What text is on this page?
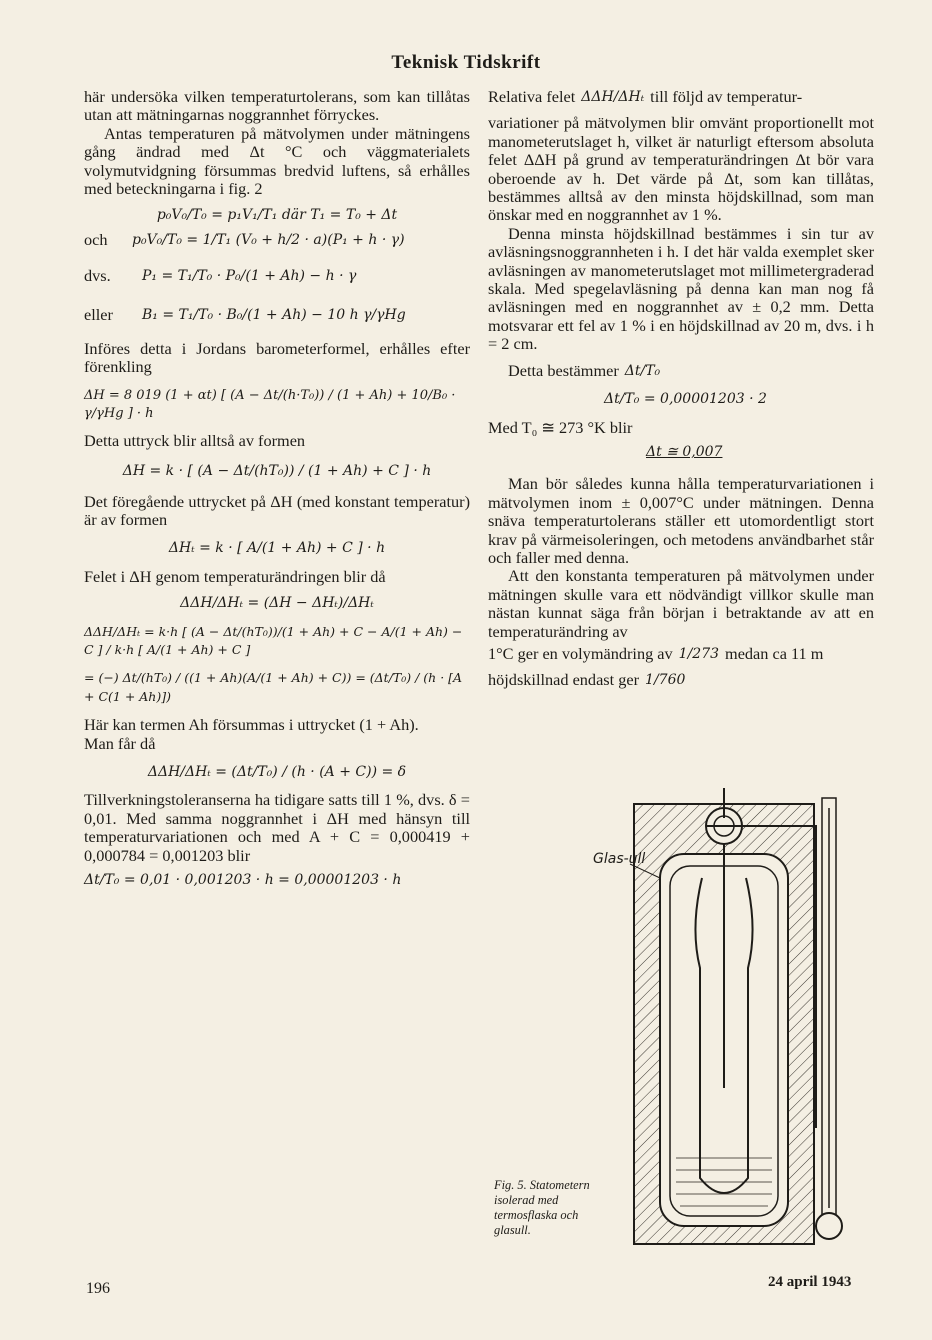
Teknisk Tidskrift

här undersöka vilken temperaturtolerans, som kan tillåtas utan att mätningarnas noggrannhet förryckes.

Antas temperaturen på mätvolymen under mätningens gång ändrad med Δt °C och väggmaterialets volymutvidgning försummas bredvid luftens, så erhålles med beteckningarna i fig. 2

p₀V₀/T₀ = p₁V₁/T₁ där T₁ = T₀ + Δt
och	p₀V₀/T₀ = 1/T₁ (V₀ + h/2 · a)(P₁ + h · γ)
dvs.	P₁ = T₁/T₀ · P₀/(1 + Ah) − h · γ
eller	B₁ = T₁/T₀ · B₀/(1 + Ah) − 10 h γ/γHg

Införes detta i Jordans barometerformel, erhålles efter förenkling

ΔH = 8 019 (1 + αt) [ (A − Δt/(h·T₀)) / (1 + Ah) + 10/B₀ · γ/γHg ] · h

Detta uttryck blir alltså av formen

ΔH = k · [ (A − Δt/(hT₀)) / (1 + Ah) + C ] · h

Det föregående uttrycket på ΔH (med konstant temperatur) är av formen

ΔHₜ = k · [ A/(1 + Ah) + C ] · h

Felet i ΔH genom temperaturändringen blir då

ΔΔH/ΔHₜ = (ΔH − ΔHₜ)/ΔHₜ
ΔΔH/ΔHₜ = k·h [ (A − Δt/(hT₀))/(1 + Ah) + C − A/(1 + Ah) − C ] / k·h [ A/(1 + Ah) + C ]
= (−) Δt/(hT₀) / ((1 + Ah)(A/(1 + Ah) + C)) = (Δt/T₀) / (h · [A + C(1 + Ah)])

Här kan termen Ah försummas i uttrycket (1 + Ah).

Man får då

ΔΔH/ΔHₜ = (Δt/T₀) / (h · (A + C)) = δ

Tillverkningstoleranserna ha tidigare satts till 1 %, dvs. δ = 0,01. Med samma noggrannhet i ΔH med hänsyn till temperaturvariationen och med A + C = 0,000419 + 0,000784 = 0,001203 blir

Δt/T₀ = 0,01 · 0,001203 · h = 0,00001203 · h
Relativa felet ΔΔH/ΔHₜ till följd av temperatur-

variationer på mätvolymen blir omvänt proportionellt mot manometerutslaget h, vilket är naturligt eftersom absoluta felet ΔΔH på grund av temperaturändringen Δt bör vara oberoende av h. Det värde på Δt, som kan tillåtas, bestämmes alltså av den minsta höjdskillnad, som man önskar med en noggrannhet av 1 %.

Denna minsta höjdskillnad bestämmes i sin tur av avläsningsnoggrannheten i h. I det här valda exemplet sker avläsningen av manometerutslaget mot millimetergraderad skala. Med spegelavläsning på denna kan man nog få avläsningen med en noggrannhet av ± 0,2 mm. Detta motsvarar ett fel av 1 % i en höjdskillnad av 20 m, dvs. i h = 2 cm.

Detta bestämmer Δt/T₀
Δt/T₀ = 0,00001203 · 2
Med T₀ ≅ 273 °K blir
Δt ≅ 0,007

Man bör således kunna hålla temperaturvariationen i mätvolymen inom ± 0,007°C under mätningen. Denna snäva temperaturtolerans ställer ett utomordentligt stort krav på värmeisoleringen, och metodens användbarhet står och faller med denna.

Att den konstanta temperaturen på mätvolymen under mätningen skulle vara ett nödvändigt villkor skulle man nästan kunnat säga från början i betraktande av att en temperaturändring av

1°C ger en volymändring av 1/273 medan ca 11 m
höjdskillnad endast ger 1/760
Glas-ull
Fig. 5. Statometern isolerad med termosflaska och glasull.
196	24 april 1943
